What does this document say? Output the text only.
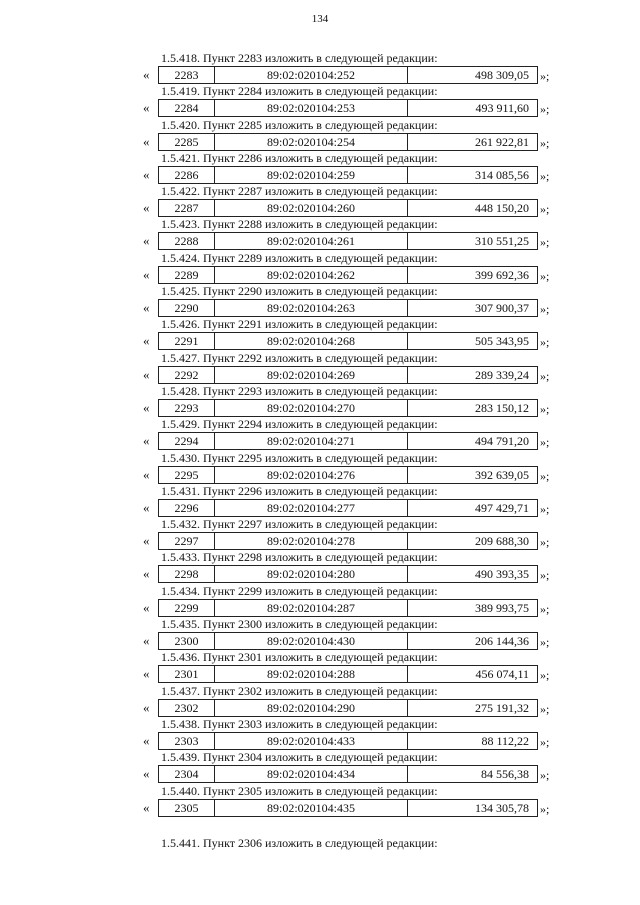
134
1.5.418. Пункт 2283 изложить в следующей редакции:
«	2283	89:02:020104:252	498 309,05 »;
1.5.419. Пункт 2284 изложить в следующей редакции:
«	2284	89:02:020104:253	493 911,60 »;
1.5.420. Пункт 2285 изложить в следующей редакции:
«	2285	89:02:020104:254	261 922,81 »;
1.5.421. Пункт 2286 изложить в следующей редакции:
«	2286	89:02:020104:259	314 085,56 »;
1.5.422. Пункт 2287 изложить в следующей редакции:
«	2287	89:02:020104:260	448 150,20 »;
1.5.423. Пункт 2288 изложить в следующей редакции:
«	2288	89:02:020104:261	310 551,25 »;
1.5.424. Пункт 2289 изложить в следующей редакции:
«	2289	89:02:020104:262	399 692,36 »;
1.5.425. Пункт 2290 изложить в следующей редакции:
«	2290	89:02:020104:263	307 900,37 »;
1.5.426. Пункт 2291 изложить в следующей редакции:
«	2291	89:02:020104:268	505 343,95 »;
1.5.427. Пункт 2292 изложить в следующей редакции:
«	2292	89:02:020104:269	289 339,24 »;
1.5.428. Пункт 2293 изложить в следующей редакции:
«	2293	89:02:020104:270	283 150,12 »;
1.5.429. Пункт 2294 изложить в следующей редакции:
«	2294	89:02:020104:271	494 791,20 »;
1.5.430. Пункт 2295 изложить в следующей редакции:
«	2295	89:02:020104:276	392 639,05 »;
1.5.431. Пункт 2296 изложить в следующей редакции:
«	2296	89:02:020104:277	497 429,71 »;
1.5.432. Пункт 2297 изложить в следующей редакции:
«	2297	89:02:020104:278	209 688,30 »;
1.5.433. Пункт 2298 изложить в следующей редакции:
«	2298	89:02:020104:280	490 393,35 »;
1.5.434. Пункт 2299 изложить в следующей редакции:
«	2299	89:02:020104:287	389 993,75 »;
1.5.435. Пункт 2300 изложить в следующей редакции:
«	2300	89:02:020104:430	206 144,36 »;
1.5.436. Пункт 2301 изложить в следующей редакции:
«	2301	89:02:020104:288	456 074,11 »;
1.5.437. Пункт 2302 изложить в следующей редакции:
«	2302	89:02:020104:290	275 191,32 »;
1.5.438. Пункт 2303 изложить в следующей редакции:
«	2303	89:02:020104:433	88 112,22 »;
1.5.439. Пункт 2304 изложить в следующей редакции:
«	2304	89:02:020104:434	84 556,38 »;
1.5.440. Пункт 2305 изложить в следующей редакции:
«	2305	89:02:020104:435	134 305,78 »;
1.5.441. Пункт 2306 изложить в следующей редакции:
